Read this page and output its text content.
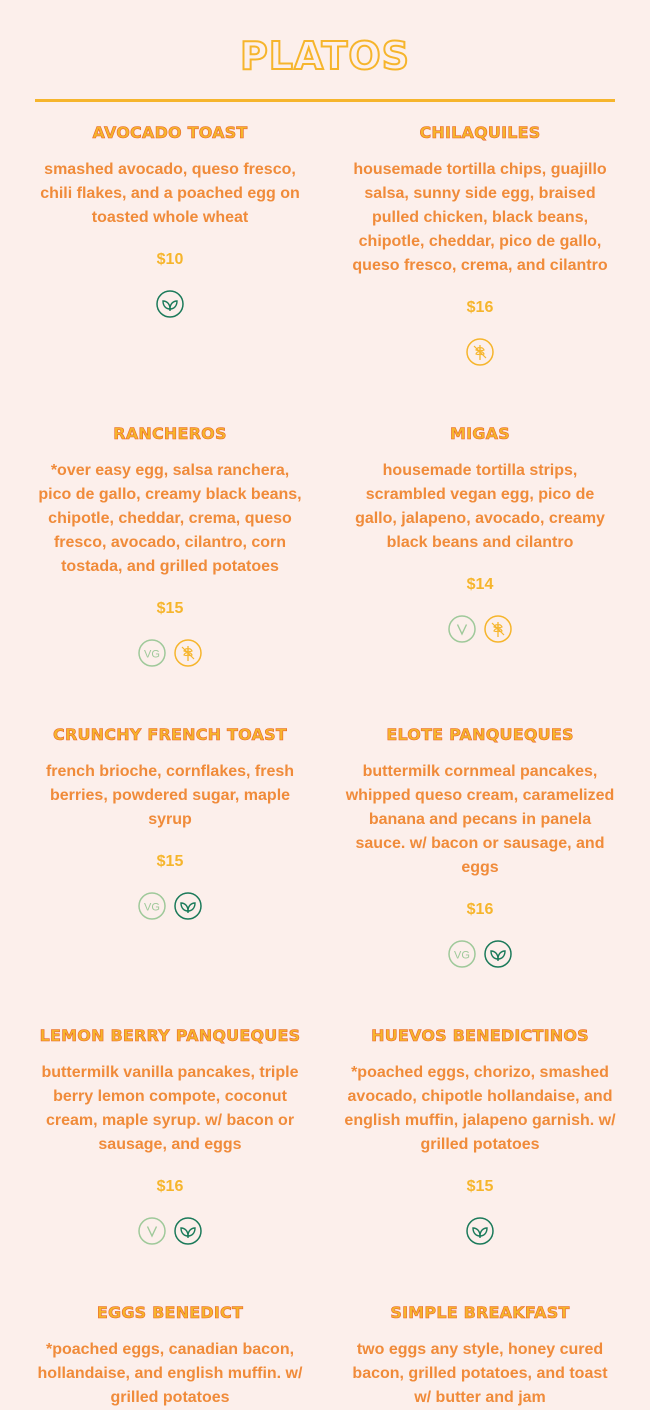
PLATOS
AVOCADO TOAST
smashed avocado, queso fresco, chili flakes, and a poached egg on toasted whole wheat
$10
CHILAQUILES
housemade tortilla chips, guajillo salsa, sunny side egg, braised pulled chicken, black beans, chipotle, cheddar, pico de gallo, queso fresco, crema, and cilantro
$16
RANCHEROS
*over easy egg, salsa ranchera, pico de gallo, creamy black beans, chipotle, cheddar, crema, queso fresco, avocado, cilantro, corn tostada, and grilled potatoes
$15
VG
MIGAS
housemade tortilla strips, scrambled vegan egg, pico de gallo, jalapeno, avocado, creamy black beans and cilantro
$14
CRUNCHY FRENCH TOAST
french brioche, cornflakes, fresh berries, powdered sugar, maple syrup
$15
VG
ELOTE PANQUEQUES
buttermilk cornmeal pancakes, whipped queso cream, caramelized banana and pecans in panela sauce. w/ bacon or sausage, and eggs
$16
VG
LEMON BERRY PANQUEQUES
buttermilk vanilla pancakes, triple berry lemon compote, coconut cream, maple syrup. w/ bacon or sausage, and eggs
$16
HUEVOS BENEDICTINOS
*poached eggs, chorizo, smashed avocado, chipotle hollandaise, and english muffin, jalapeno garnish. w/ grilled potatoes
$15
EGGS BENEDICT
*poached eggs, canadian bacon, hollandaise, and english muffin. w/ grilled potatoes
SIMPLE BREAKFAST
two eggs any style, honey cured bacon, grilled potatoes, and toast w/ butter and jam
